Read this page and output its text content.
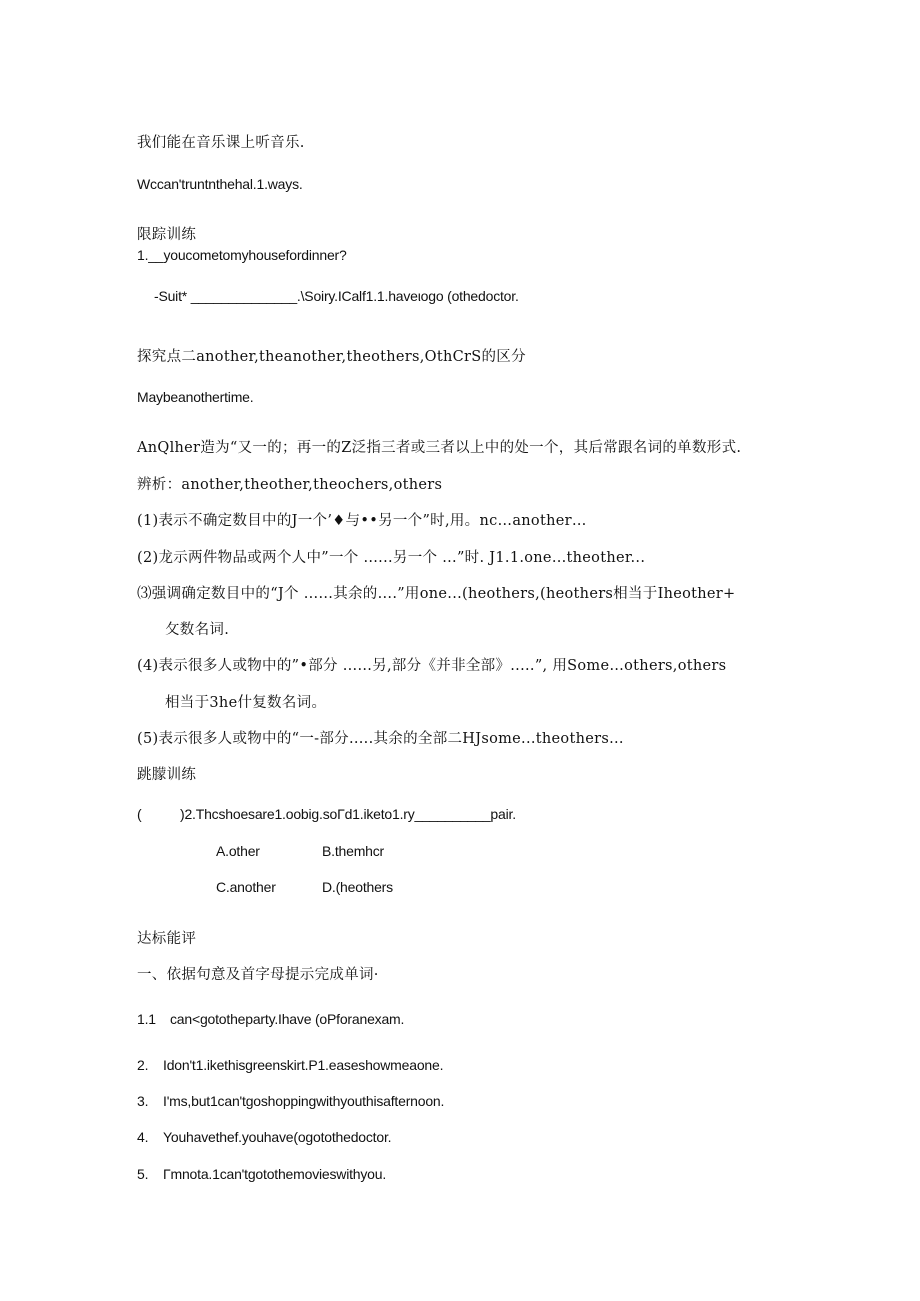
我们能在音乐课上听音乐.
Wccan'truntnthehal.1.ways.
限踪训练
1.__youcometomyhousefordinner?
-Suit* ______________.\Soiry.ICalf1.1.haveιogo (othedoctor.
探究点二another,theanother,theothers,OthCrS的区分
Maybeanothertime.
AnQlher造为“又一的；再一的Z泛指三者或三者以上中的处一个，其后常跟名词的单数形式.
辨析：another,theother,theochers,others
(1)表示不确定数目中的J一个’♦与••另一个”时,用。nc…another…
(2)龙示两件物品或两个人中”一个 ......另一个 ...”时. J1.1.one...theother...
⑶强调确定数目中的“J个 ......其余的....”用one...(heothers,(heothers相当于Iheother+
攵数名词.
(4)表示很多人或物中的”•部分 ......另,部分《并非全部》.....”, 用Some…others,others
相当于3he什复数名词。
(5)表示很多人或物中的“一-部分.....其余的全部二HJsome...theothers...
跳朦训练
(	)2.Thcshoesare1.oobig.soΓd1.iketo1.ry__________pair.
A.other	B.themhcr
C.another	D.(heothers
达标能评
一、依据句意及首字母提示完成单词·
1.1 can<gotothepart‌y.Ihave (oPforanexam.
2. Idon't1.ikethisgreenskirt.P1.easeshowmeaone.
3. I'ms,but1can'tgoshoppingwithyouthisafternoon.
4. Youhavethef.youhave(ogotothedoctor.
5. Γmnota.1can'tgotothemovieswithyou.
